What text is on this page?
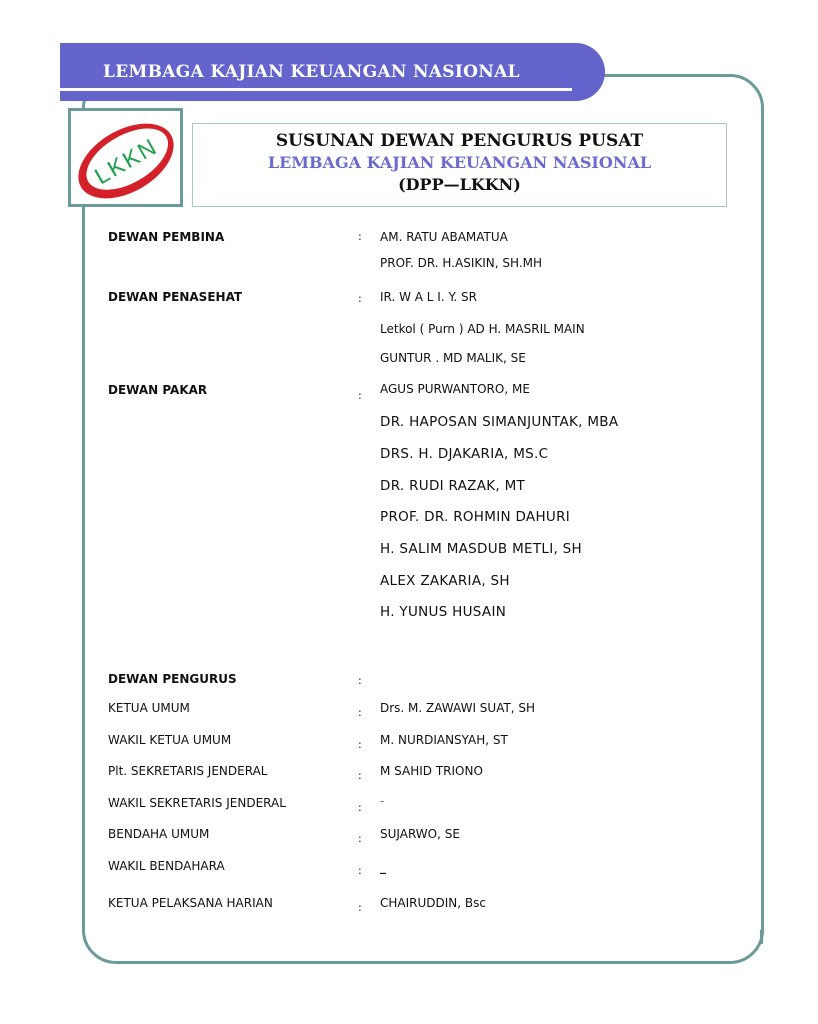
LEMBAGA KAJIAN KEUANGAN NASIONAL
LKKN	SUSUNAN DEWAN PENGURUS PUSAT
LEMBAGA KAJIAN KEUANGAN NASIONAL
(DPP—LKKN)
DEWAN PEMBINA	: AM. RATU ABAMATUA
PROF. DR. H.ASIKIN, SH.MH
DEWAN PENASEHAT	: IR. W A L I. Y. SR
Letkol ( Purn ) AD H. MASRIL MAIN
GUNTUR . MD MALIK, SE
DEWAN PAKAR	: AGUS PURWANTORO, ME
DR. HAPOSAN SIMANJUNTAK, MBA
DRS. H. DJAKARIA, MS.C
DR. RUDI RAZAK, MT
PROF. DR. ROHMIN DAHURI
H. SALIM MASDUB METLI, SH
ALEX ZAKARIA, SH
H. YUNUS HUSAIN
DEWAN PENGURUS	:
KETUA UMUM	: Drs. M. ZAWAWI SUAT, SH
WAKIL KETUA UMUM	: M. NURDIANSYAH, ST
Plt. SEKRETARIS JENDERAL	: M SAHID TRIONO
WAKIL SEKRETARIS JENDERAL	: -
BENDAHA UMUM	: SUJARWO, SE
WAKIL BENDAHARA	: _
KETUA PELAKSANA HARIAN	: CHAIRUDDIN, Bsc
